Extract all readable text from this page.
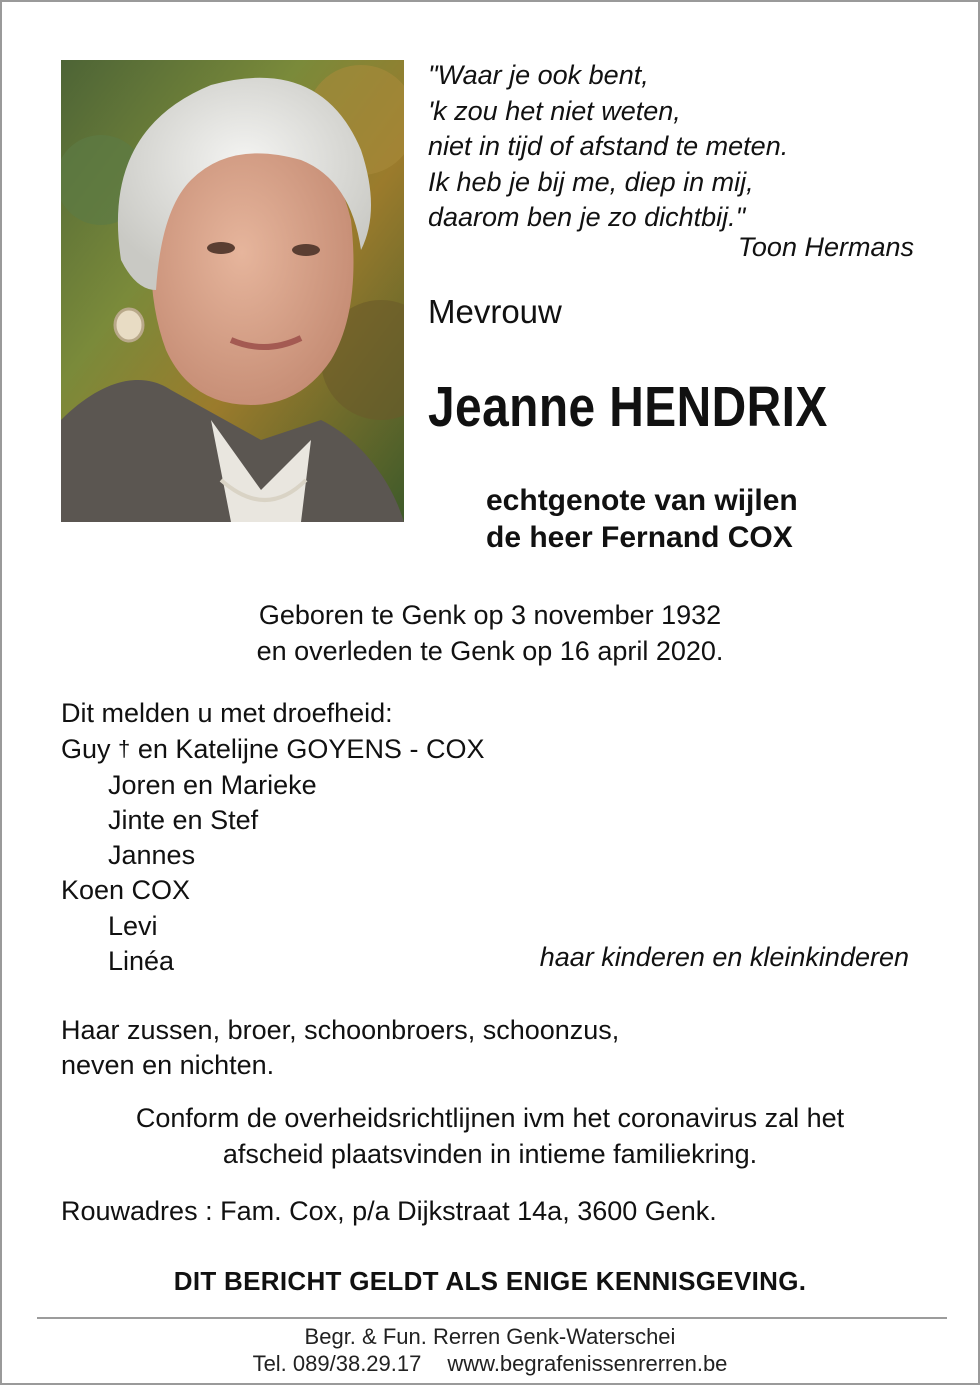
"Waar je ook bent,
'k zou het niet weten,
niet in tijd of afstand te meten.
Ik heb je bij me, diep in mij,
daarom ben je zo dichtbij."
Toon Hermans
Mevrouw
Jeanne HENDRIX
echtgenote van wijlen
de heer Fernand COX
Geboren te Genk op 3 november 1932
en overleden te Genk op 16 april 2020.
Dit melden u met droefheid:
Guy † en Katelijne GOYENS - COX
Joren en Marieke
Jinte en Stef
Jannes
Koen COX
Levi
Linéa	haar kinderen en kleinkinderen
Haar zussen, broer, schoonbroers, schoonzus,
neven en nichten.
Conform de overheidsrichtlijnen ivm het coronavirus zal het
afscheid plaatsvinden in intieme familiekring.
Rouwadres : Fam. Cox, p/a Dijkstraat 14a, 3600 Genk.
DIT BERICHT GELDT ALS ENIGE KENNISGEVING.
Begr. & Fun. Rerren Genk-Waterschei
Tel. 089/38.29.17 www.begrafenissenrerren.be
